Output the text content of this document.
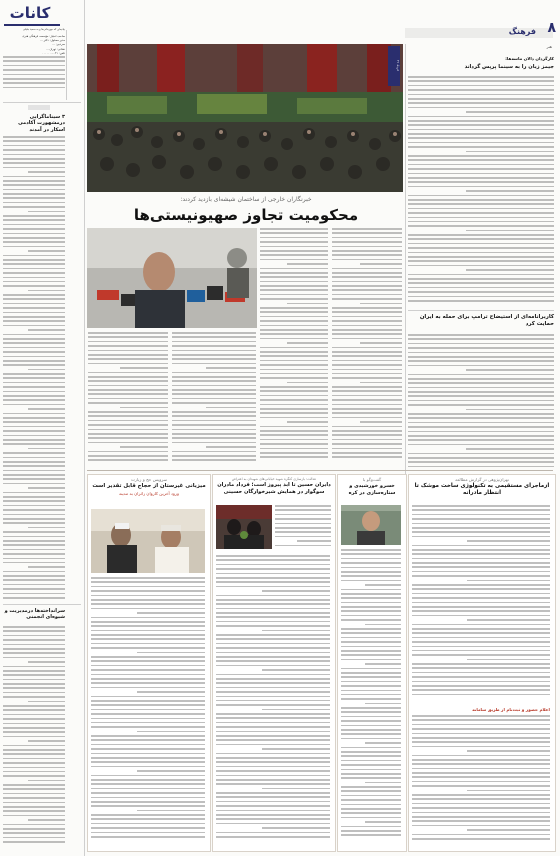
کانات
بیانیه‌ای که مهرخانی‌ها و به سعید جلیلی
صاحب امتیاز: مؤسسه فرهنگی هنری
مدیر مسئول: دکتر ...
سردبیر: ...
نشانی: تهران ...
تلفن: ۰۲۱-۰۰۰۰۰۰۰
۳ سیناماگرایی درمشهورت آکادمی اسکار در آمدند
سرانداخته‌ها درمدیریت و شیوه‌ای انجمنی
۸
فرهنگ
هنر
۳۱ خرداد
کارگردان دالان ماسه‌ها:
جیمز زبان را به سینما پرپس گرداند
کاربرانامه‌ای از استیضاح ترامپ برای حمله به ایران حمایت کرد
خبرنگاران خارجی از ساختمان شیشه‌ای بازدید کردند:
محکومیت تجاوز صهیونیستی‌ها
سرویس حج و زیارت
میزبانی غیرستان از حجاج قابل تقدیر است
ورود آخرین کاروان زائران به مدینه
عدالت: بازسازی کنگره شهید خیابانی‌های شهیدان به اعتراض
دایران حسین تا ابد پیروز است؛ فرداد مادران سوگوار در همایش شیرخوارگان حسینی
گفت‌وگو با
خسرو خورشیدی و ستاره‌سازی در کره
تهران‌پژوهی در گزارش مطالعه
ازماجرای مستقیمی به تکنولوژی ساخت موشک تا انتظار مادرانه
اعلام حضور و ثبت‌نام از طریق سامانه
